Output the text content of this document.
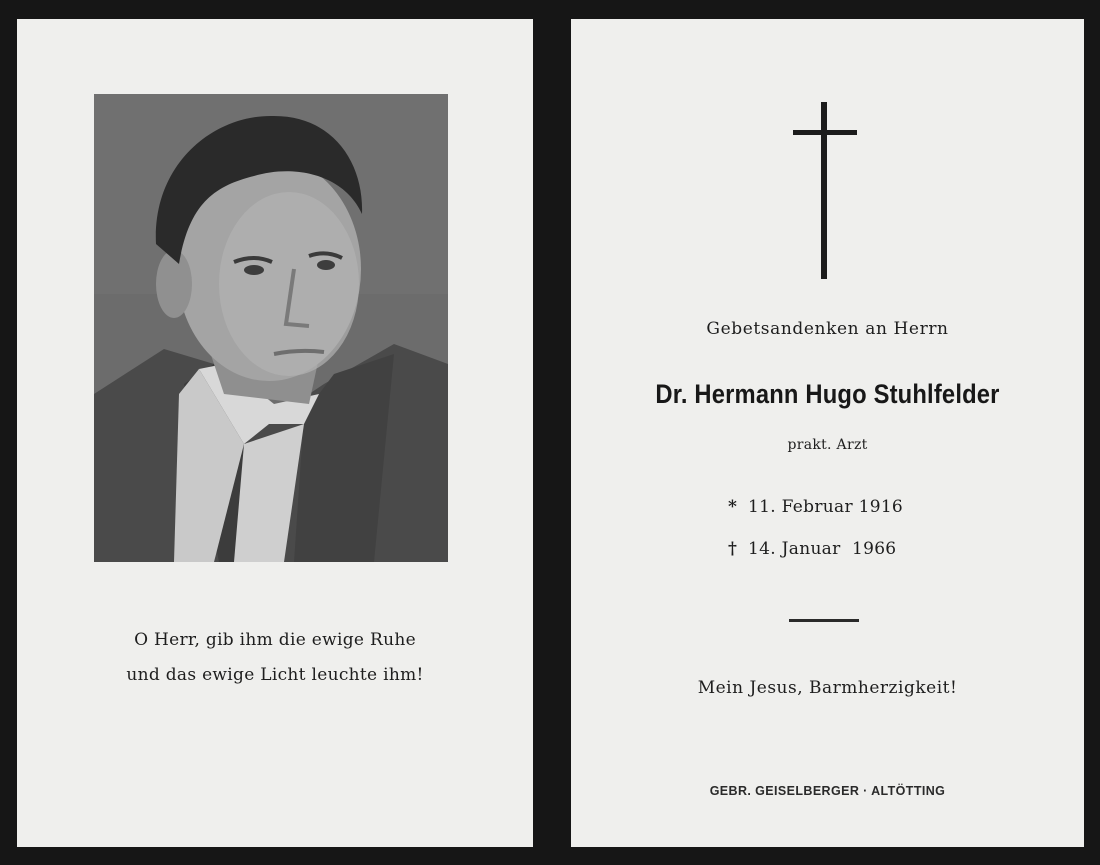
O Herr, gib ihm die ewige Ruhe
und das ewige Licht leuchte ihm!
Gebetsandenken an Herrn
Dr. Hermann Hugo Stuhlfelder
prakt. Arzt
* 11. Februar 1916
† 14. Januar  1966
Mein Jesus, Barmherzigkeit!
GEBR. GEISELBERGER · ALTÖTTING
